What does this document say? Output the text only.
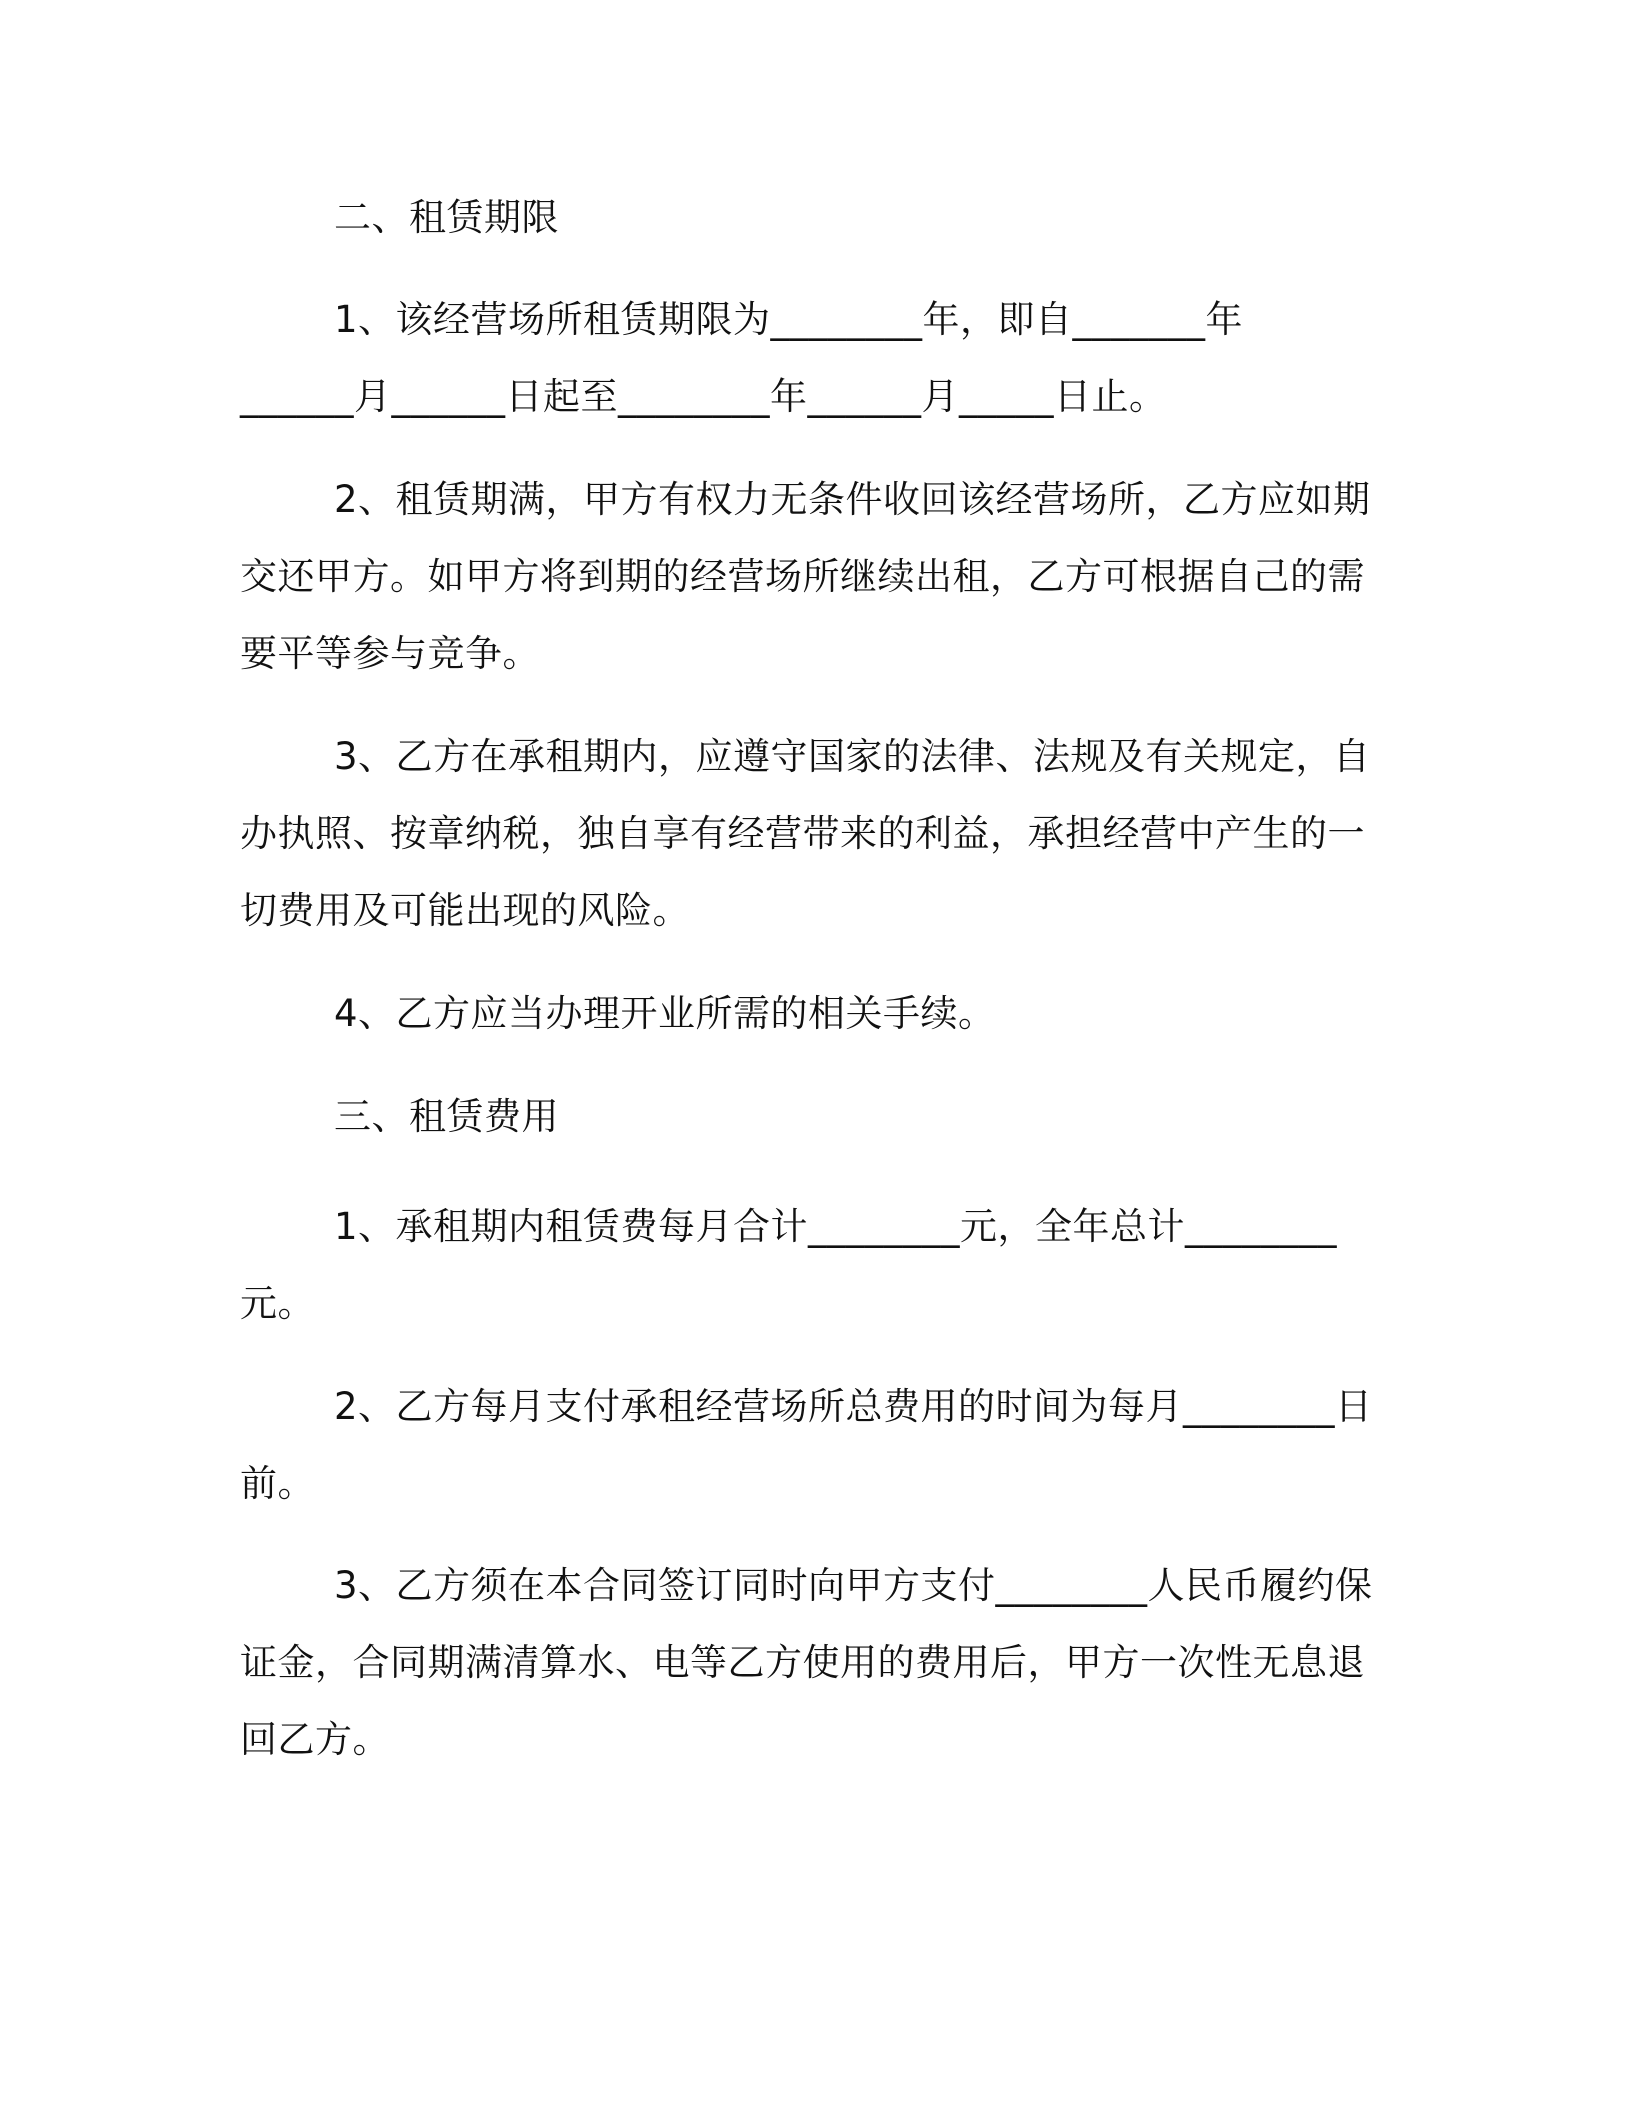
二、租赁期限
1、该经营场所租赁期限为________年，即自_______年
______月______日起至________年______月_____日止。
2、租赁期满，甲方有权力无条件收回该经营场所，乙方应如期
交还甲方。如甲方将到期的经营场所继续出租，乙方可根据自己的需
要平等参与竞争。
3、乙方在承租期内，应遵守国家的法律、法规及有关规定，自
办执照、按章纳税，独自享有经营带来的利益，承担经营中产生的一
切费用及可能出现的风险。
4、乙方应当办理开业所需的相关手续。
三、租赁费用
1、承租期内租赁费每月合计________元，全年总计________
元。
2、乙方每月支付承租经营场所总费用的时间为每月________日
前。
3、乙方须在本合同签订同时向甲方支付________人民币履约保
证金，合同期满清算水、电等乙方使用的费用后，甲方一次性无息退
回乙方。
